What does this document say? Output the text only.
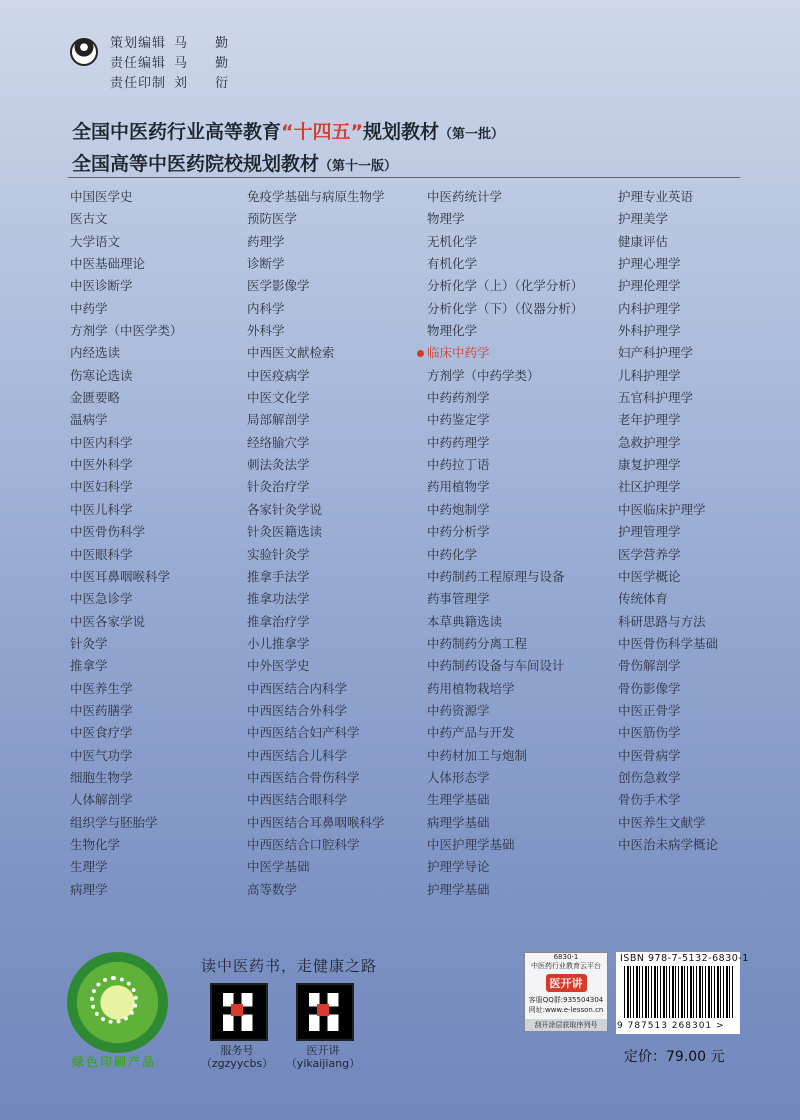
策划编辑 马 勤
责任编辑 马 勤
责任印制 刘 衍
全国中医药行业高等教育“十四五”规划教材（第一批）
全国高等中医药院校规划教材（第十一版）
中国医学史
医古文
大学语文
中医基础理论
中医诊断学
中药学
方剂学（中医学类）
内经选读
伤寒论选读
金匮要略
温病学
中医内科学
中医外科学
中医妇科学
中医儿科学
中医骨伤科学
中医眼科学
中医耳鼻咽喉科学
中医急诊学
中医各家学说
针灸学
推拿学
中医养生学
中医药膳学
中医食疗学
中医气功学
细胞生物学
人体解剖学
组织学与胚胎学
生物化学
生理学
病理学
免疫学基础与病原生物学
预防医学
药理学
诊断学
医学影像学
内科学
外科学
中西医文献检索
中医疫病学
中医文化学
局部解剖学
经络腧穴学
刺法灸法学
针灸治疗学
各家针灸学说
针灸医籍选读
实验针灸学
推拿手法学
推拿功法学
推拿治疗学
小儿推拿学
中外医学史
中西医结合内科学
中西医结合外科学
中西医结合妇产科学
中西医结合儿科学
中西医结合骨伤科学
中西医结合眼科学
中西医结合耳鼻咽喉科学
中西医结合口腔科学
中医学基础
高等数学
中医药统计学
物理学
无机化学
有机化学
分析化学（上）（化学分析）
分析化学（下）（仪器分析）
物理化学
临床中药学
方剂学（中药学类）
中药药剂学
中药鉴定学
中药药理学
中药拉丁语
药用植物学
中药炮制学
中药分析学
中药化学
中药制药工程原理与设备
药事管理学
本草典籍选读
中药制药分离工程
中药制药设备与车间设计
药用植物栽培学
中药资源学
中药产品与开发
中药材加工与炮制
人体形态学
生理学基础
病理学基础
中医护理学基础
护理学导论
护理学基础
护理专业英语
护理美学
健康评估
护理心理学
护理伦理学
内科护理学
外科护理学
妇产科护理学
儿科护理学
五官科护理学
老年护理学
急救护理学
康复护理学
社区护理学
中医临床护理学
护理管理学
医学营养学
中医学概论
传统体育
科研思路与方法
中医骨伤科学基础
骨伤解剖学
骨伤影像学
中医正骨学
中医筋伤学
中医骨病学
创伤急救学
骨伤手术学
中医养生文献学
中医治未病学概论
绿色印刷产品
读中医药书，走健康之路
服务号
（zgzyycbs）
医开讲
（yikaijiang）
6830-1
中医药行业教育云平台
医开讲
客服QQ群:935504304
网址:www.e-lesson.cn
刮开涂层获取序列号
ISBN 978-7-5132-6830-1
9 787513 268301 >
定价：79.00 元
